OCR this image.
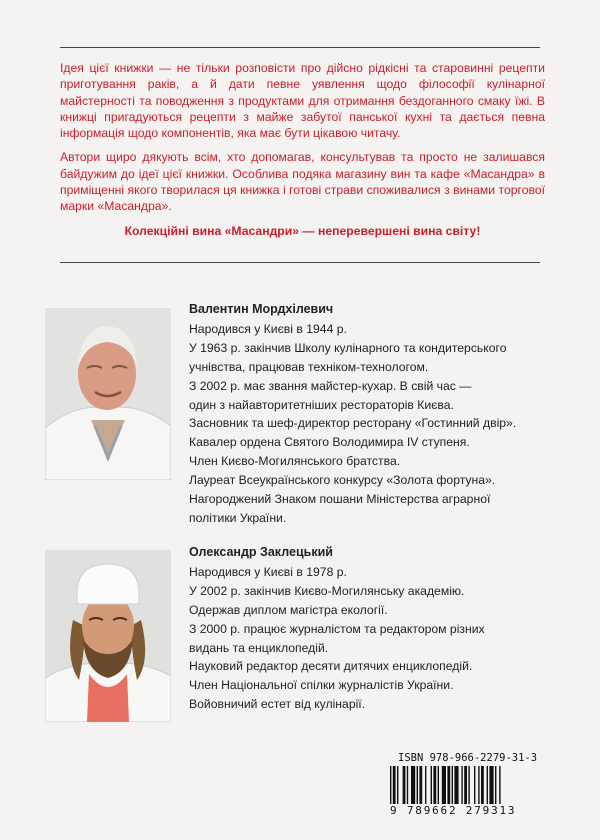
Ідея цієї книжки — не тільки розповісти про дійсно рідкісні та старовинні рецепти приготування раків, а й дати певне уявлення щодо філософії кулінарної майстерності та поводження з продуктами для отримання бездоганного смаку їжі. В книжці пригадуються рецепти з майже забутої панської кухні та дається певна інформація щодо компонентів, яка має бути цікавою читачу.

Автори щиро дякують всім, хто допомагав, консультував та просто не залишався байдужим до ідеї цієї книжки. Особлива подяка магазину вин та кафе «Масандра» в приміщенні якого творилася ця книжка і готові страви споживалися з винами торгової марки «Масандра».

Колекційні вина «Масандри» — неперевершені вина світу!

Валентин Мордхілевич
Народився у Києві в 1944 р.
У 1963 р. закінчив Школу кулінарного та кондитерського
учнівства, працював техніком-технологом.
З 2002 р. має звання майстер-кухар. В свій час —
один з найавторитетніших рестораторів Києва.
Засновник та шеф-директор ресторану «Гостинний двір».
Кавалер ордена Святого Володимира IV ступеня.
Член Києво-Могилянського братства.
Лауреат Всеукраїнського конкурсу «Золота фортуна».
Нагороджений Знаком пошани Міністерства аграрної
політики України.
Олександр Заклецький
Народився у Києві в 1978 р.
У 2002 р. закінчив Києво-Могилянську академію.
Одержав диплом магістра екології.
З 2000 р. працює журналістом та редактором різних
видань та енциклопедій.
Науковий редактор десяти дитячих енциклопедій.
Член Національної спілки журналістів України.
Войовничий естет від кулінарії.
ISBN 978-966-2279-31-3
9 789662 279313
